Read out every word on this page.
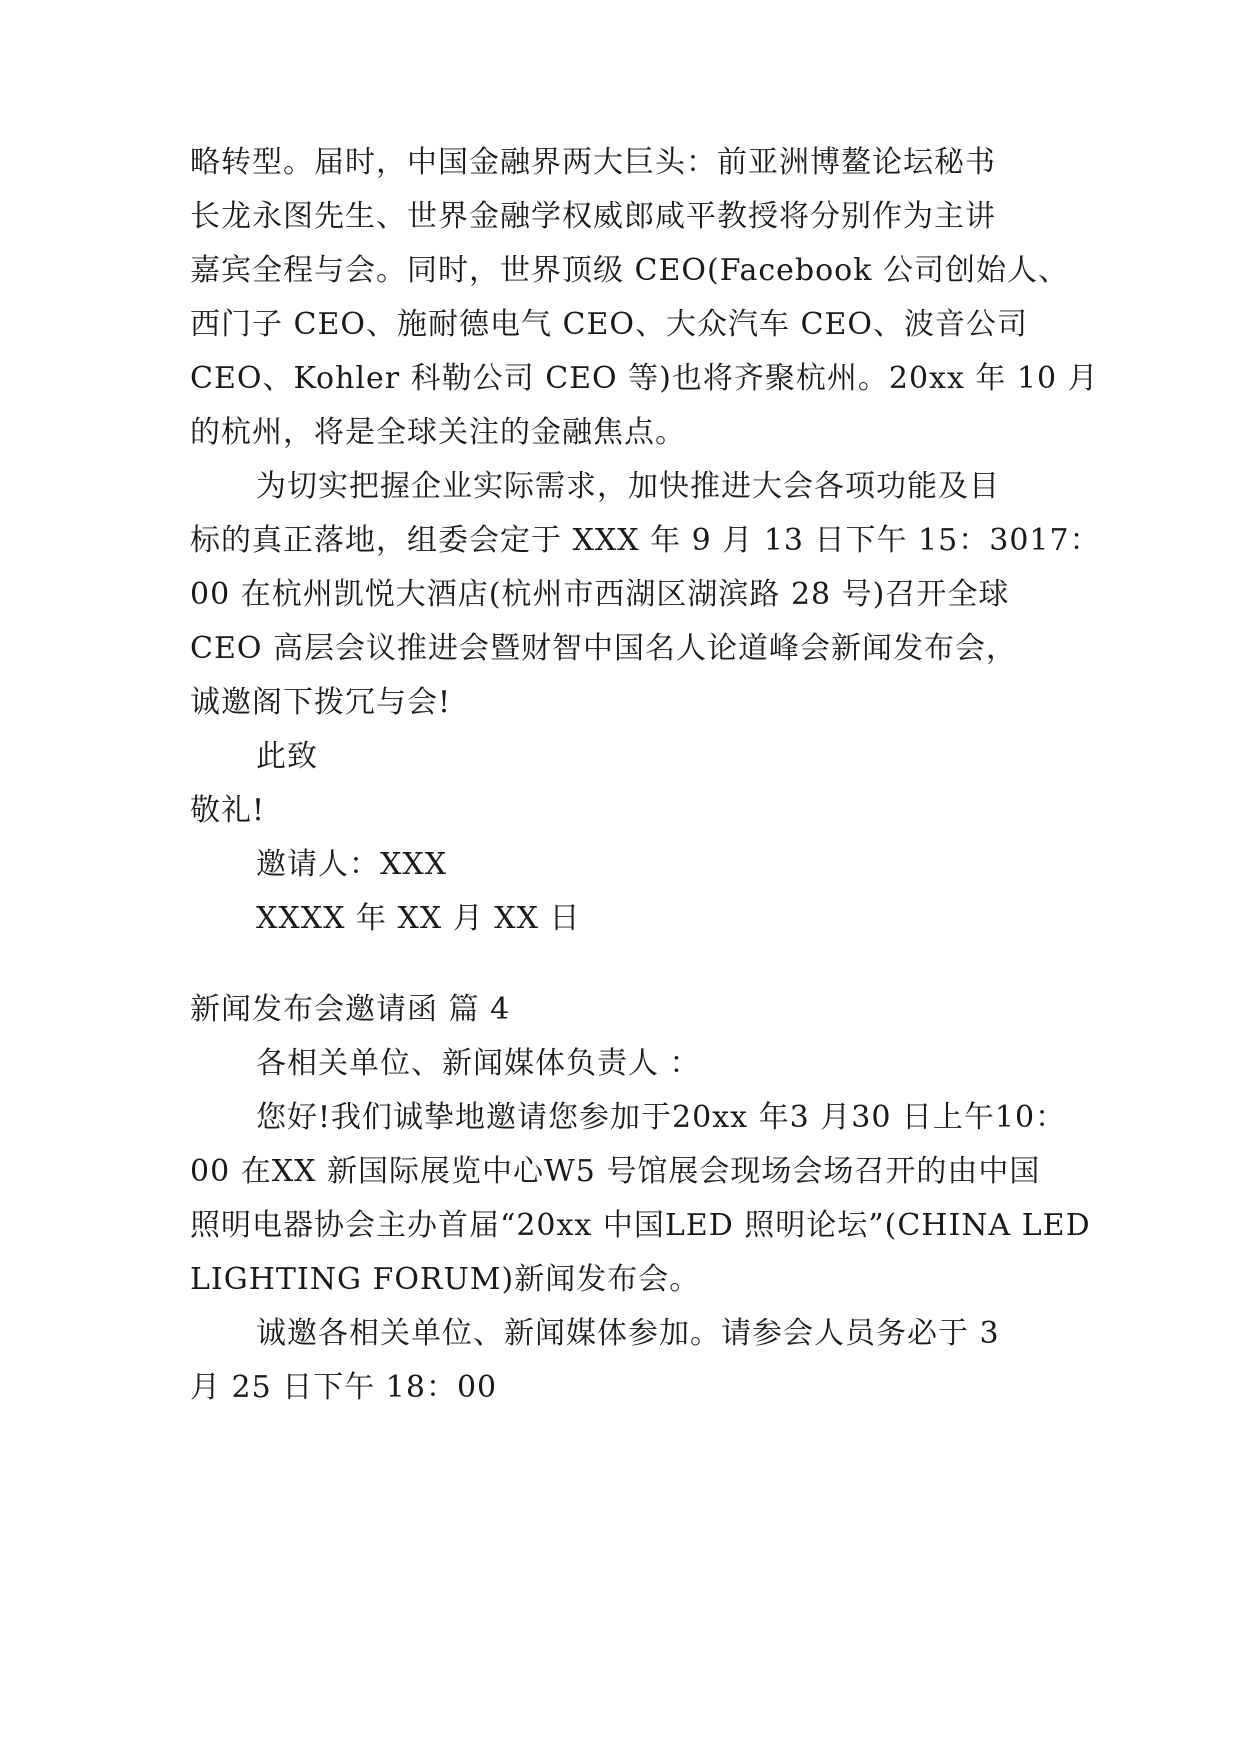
略转型。届时，中国金融界两大巨头：前亚洲博鳌论坛秘书
长龙永图先生、世界金融学权威郎咸平教授将分别作为主讲
嘉宾全程与会。同时，世界顶级 CEO(Facebook 公司创始人、
西门子 CEO、施耐德电气 CEO、大众汽车 CEO、波音公司
CEO、Kohler 科勒公司 CEO 等)也将齐聚杭州。20xx 年 10 月
的杭州，将是全球关注的金融焦点。
为切实把握企业实际需求，加快推进大会各项功能及目
标的真正落地，组委会定于 XXX 年 9 月 13 日下午 15：3017：
00 在杭州凯悦大酒店(杭州市西湖区湖滨路 28 号)召开全球
CEO 高层会议推进会暨财智中国名人论道峰会新闻发布会，
诚邀阁下拨冗与会!
此致
敬礼!
邀请人：XXX
XXXX 年 XX 月 XX 日
新闻发布会邀请函 篇 4
各相关单位、新闻媒体负责人 ：
您好!我们诚挚地邀请您参加于20xx 年3 月30 日上午10：
00 在XX 新国际展览中心W5 号馆展会现场会场召开的由中国
照明电器协会主办首届“20xx 中国LED 照明论坛”(CHINA LED
LIGHTING FORUM)新闻发布会。
诚邀各相关单位、新闻媒体参加。请参会人员务必于 3
月 25 日下午 18：00
